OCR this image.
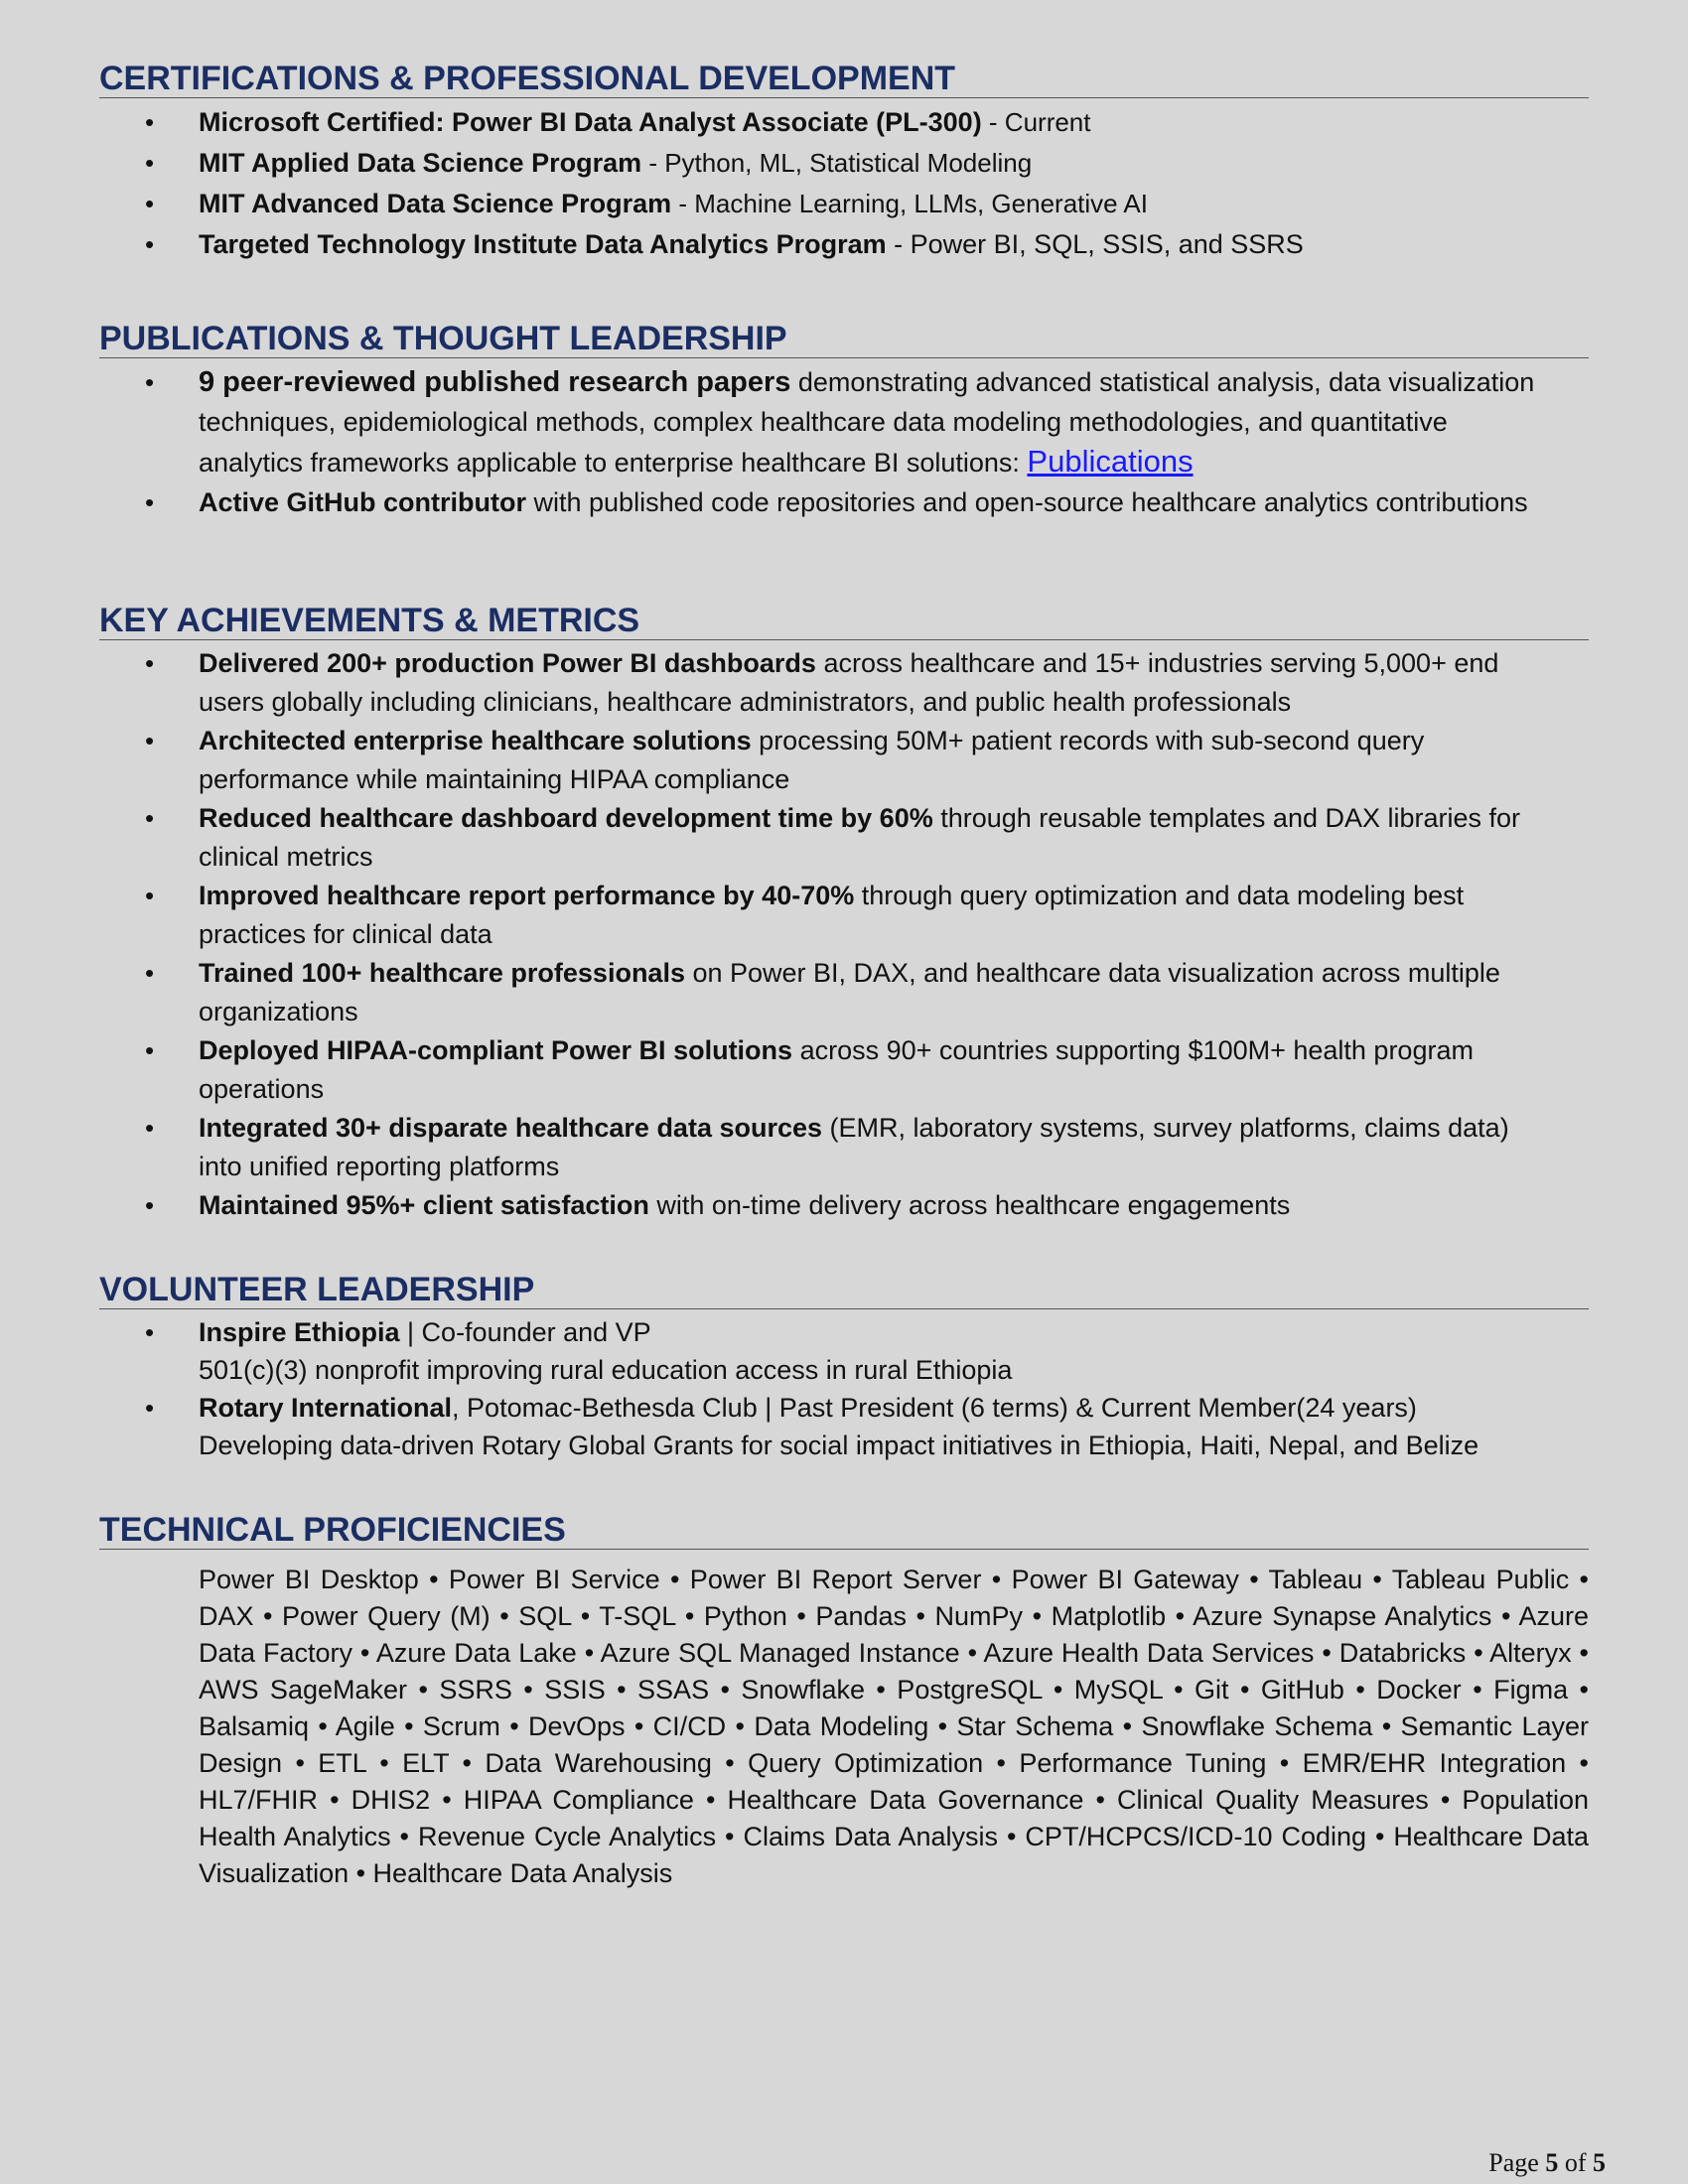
CERTIFICATIONS & PROFESSIONAL DEVELOPMENT
• Microsoft Certified: Power BI Data Analyst Associate (PL-300) - Current
• MIT Applied Data Science Program - Python, ML, Statistical Modeling
• MIT Advanced Data Science Program - Machine Learning, LLMs, Generative AI
• Targeted Technology Institute Data Analytics Program - Power BI, SQL, SSIS, and SSRS
PUBLICATIONS & THOUGHT LEADERSHIP
• 9 peer-reviewed published research papers demonstrating advanced statistical analysis, data visualization techniques, epidemiological methods, complex healthcare data modeling methodologies, and quantitative analytics frameworks applicable to enterprise healthcare BI solutions: Publications
• Active GitHub contributor with published code repositories and open-source healthcare analytics contributions
KEY ACHIEVEMENTS & METRICS
• Delivered 200+ production Power BI dashboards across healthcare and 15+ industries serving 5,000+ end users globally including clinicians, healthcare administrators, and public health professionals
• Architected enterprise healthcare solutions processing 50M+ patient records with sub-second query performance while maintaining HIPAA compliance
• Reduced healthcare dashboard development time by 60% through reusable templates and DAX libraries for clinical metrics
• Improved healthcare report performance by 40-70% through query optimization and data modeling best practices for clinical data
• Trained 100+ healthcare professionals on Power BI, DAX, and healthcare data visualization across multiple organizations
• Deployed HIPAA-compliant Power BI solutions across 90+ countries supporting $100M+ health program operations
• Integrated 30+ disparate healthcare data sources (EMR, laboratory systems, survey platforms, claims data) into unified reporting platforms
• Maintained 95%+ client satisfaction with on-time delivery across healthcare engagements
VOLUNTEER LEADERSHIP
• Inspire Ethiopia | Co-founder and VP
501(c)(3) nonprofit improving rural education access in rural Ethiopia
• Rotary International, Potomac-Bethesda Club | Past President (6 terms) & Current Member(24 years)
Developing data-driven Rotary Global Grants for social impact initiatives in Ethiopia, Haiti, Nepal, and Belize
TECHNICAL PROFICIENCIES
Power BI Desktop • Power BI Service • Power BI Report Server • Power BI Gateway • Tableau • Tableau Public • DAX • Power Query (M) • SQL • T-SQL • Python • Pandas • NumPy • Matplotlib • Azure Synapse Analytics • Azure Data Factory • Azure Data Lake • Azure SQL Managed Instance • Azure Health Data Services • Databricks • Alteryx • AWS SageMaker • SSRS • SSIS • SSAS • Snowflake • PostgreSQL • MySQL • Git • GitHub • Docker • Figma • Balsamiq • Agile • Scrum • DevOps • CI/CD • Data Modeling • Star Schema • Snowflake Schema • Semantic Layer Design • ETL • ELT • Data Warehousing • Query Optimization • Performance Tuning • EMR/EHR Integration • HL7/FHIR • DHIS2 • HIPAA Compliance • Healthcare Data Governance • Clinical Quality Measures • Population Health Analytics • Revenue Cycle Analytics • Claims Data Analysis • CPT/HCPCS/ICD-10 Coding • Healthcare Data Visualization • Healthcare Data Analysis
Page 5 of 5
